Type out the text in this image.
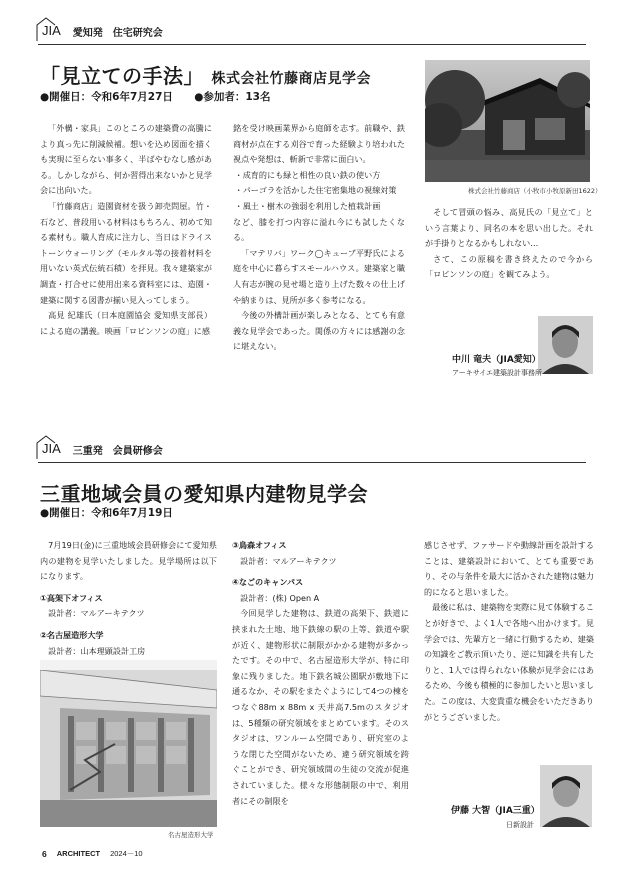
JIA	愛知発　住宅研究会
「見立ての手法」 株式会社竹藤商店見学会
●開催日：令和6年7月27日 ●参加者：13名
株式会社竹藤商店（小牧市小牧原新田1622）

「外構・家具」このところの建築費の高騰により真っ先に削減候補。想いを込め図面を描くも実現に至らない事多く、半ばやむなし感がある。しかしながら、何か習得出来ないかと見学会に出向いた。

「竹藤商店」造園資材を扱う卸売問屋。竹・石など、普段用いる材料はもちろん、初めて知る素材も。職人育成に注力し、当日はドライストーンウォーリング（モルタル等の接着材料を用いない英式伝統石積）を拝見。我々建築家が調査・打合せに使用出来る資料室には、造園・建築に関する図書が揃い見入ってしまう。

高見 紀雄氏（日本庭園協会 愛知県支部長）による庭の講義。映画「ロビンソンの庭」に感

銘を受け映画業界から庭師を志す。前職や、鉄商材が点在する刈谷で育った経験より培われた視点や発想は、斬新で非常に面白い。

・成育的にも緑と相性の良い鉄の使い方

・パーゴラを活かした住宅密集地の視線対策

・風土・樹木の強弱を利用した植栽計画

など、膝を打つ内容に溢れ今にも試したくなる。

「マテリバ」ワーク◯キューブ平野氏による庭を中心に暮らすスモールハウス。建築家と職人有志が腕の見せ場と造り上げた数々の仕上げや納まりは、見所が多く参考になる。

今後の外構計画が楽しみとなる、とても有意義な見学会であった。関係の方々には感謝の念に堪えない。

そして冒頭の悩み、高見氏の「見立て」という言葉より、同名の本を思い出した。それが手掛りとなるかもしれない…

さて、この原稿を書き終えたので今から「ロビンソンの庭」を観てみよう。

中川 竜夫（JIA愛知）
アーキサイエ建築設計事務所
JIA	三重発　会員研修会
三重地域会員の愛知県内建物見学会
●開催日：令和6年7月19日

7月19日(金)に三重地域会員研修会にて愛知県内の建物を見学いたしました。見学場所は以下になります。

①高架下オフィス

設計者：マルアーキテクツ

②名古屋造形大学

設計者：山本理顕設計工房

名古屋造形大学

③鳥森オフィス

設計者：マルアーキテクツ

④なごのキャンパス

設計者：(株) Open A

今回見学した建物は、鉄道の高架下、鉄道に挟まれた土地、地下鉄線の駅の上等、鉄道や駅が近く、建物形状に制限がかかる建物が多かったです。その中で、名古屋造形大学が、特に印象に残りました。地下鉄名城公園駅が敷地下に通るなか、その駅をまたぐようにして4つの棟をつなぐ88m x 88m x 天井高7.5mのスタジオは、5種類の研究領域をまとめています。そのスタジオは、ワンルーム空間であり、研究室のような閉じた空間がないため、違う研究領域を跨ぐことができ、研究領域間の生徒の交流が促進されていました。様々な形態制限の中で、利用者にその制限を

感じさせず、ファサードや動線計画を設計することは、建築設計において、とても重要であり、その与条件を最大に活かされた建物は魅力的になると思いました。

最後に私は、建築物を実際に見て体験することが好きで、よく1人で各地へ出かけます。見学会では、先輩方と一緒に行動するため、建築の知識をご教示頂いたり、逆に知識を共有したりと、1人では得られない体験が見学会にはあるため、今後も積極的に参加したいと思いました。この度は、大変貴重な機会をいただきありがとうございました。

伊藤 大智（JIA三重）
日新設計
6 ARCHITECT 2024－10
